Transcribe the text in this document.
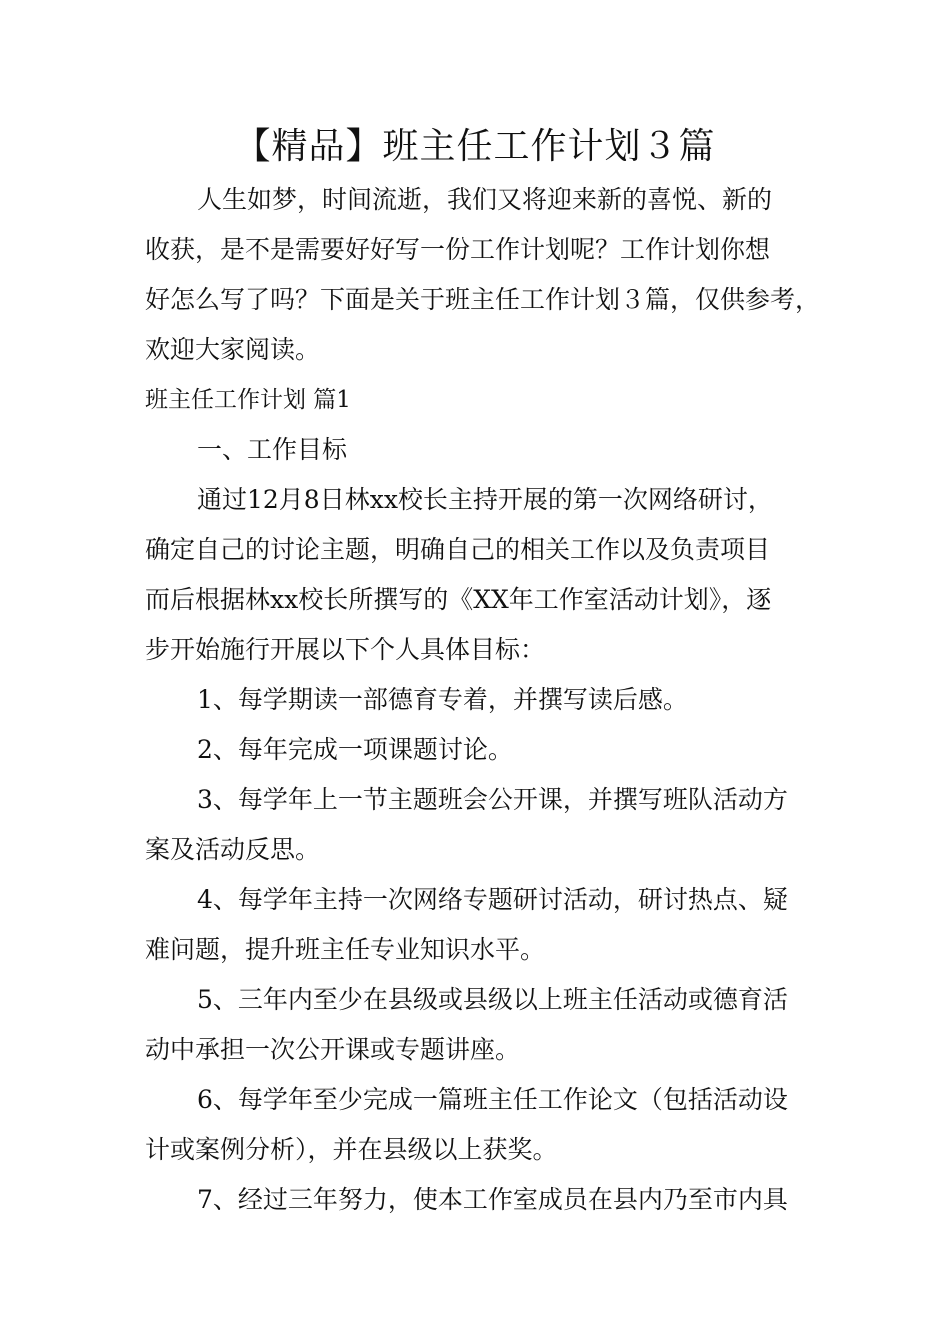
【精品】班主任工作计划３篇
人生如梦，时间流逝，我们又将迎来新的喜悦、新的
收获，是不是需要好好写一份工作计划呢？工作计划你想
好怎么写了吗？下面是关于班主任工作计划３篇，仅供参考，
欢迎大家阅读。
班主任工作计划 篇1
一、工作目标
通过12月8日林xx校长主持开展的第一次网络研讨，
确定自己的讨论主题，明确自己的相关工作以及负责项目
而后根据林xx校长所撰写的《XX年工作室活动计划》，逐
步开始施行开展以下个人具体目标：
1、每学期读一部德育专着，并撰写读后感。
2、每年完成一项课题讨论。
3、每学年上一节主题班会公开课，并撰写班队活动方
案及活动反思。
4、每学年主持一次网络专题研讨活动，研讨热点、疑
难问题，提升班主任专业知识水平。
5、三年内至少在县级或县级以上班主任活动或德育活
动中承担一次公开课或专题讲座。
6、每学年至少完成一篇班主任工作论文（包括活动设
计或案例分析），并在县级以上获奖。
7、经过三年努力，使本工作室成员在县内乃至市内具
